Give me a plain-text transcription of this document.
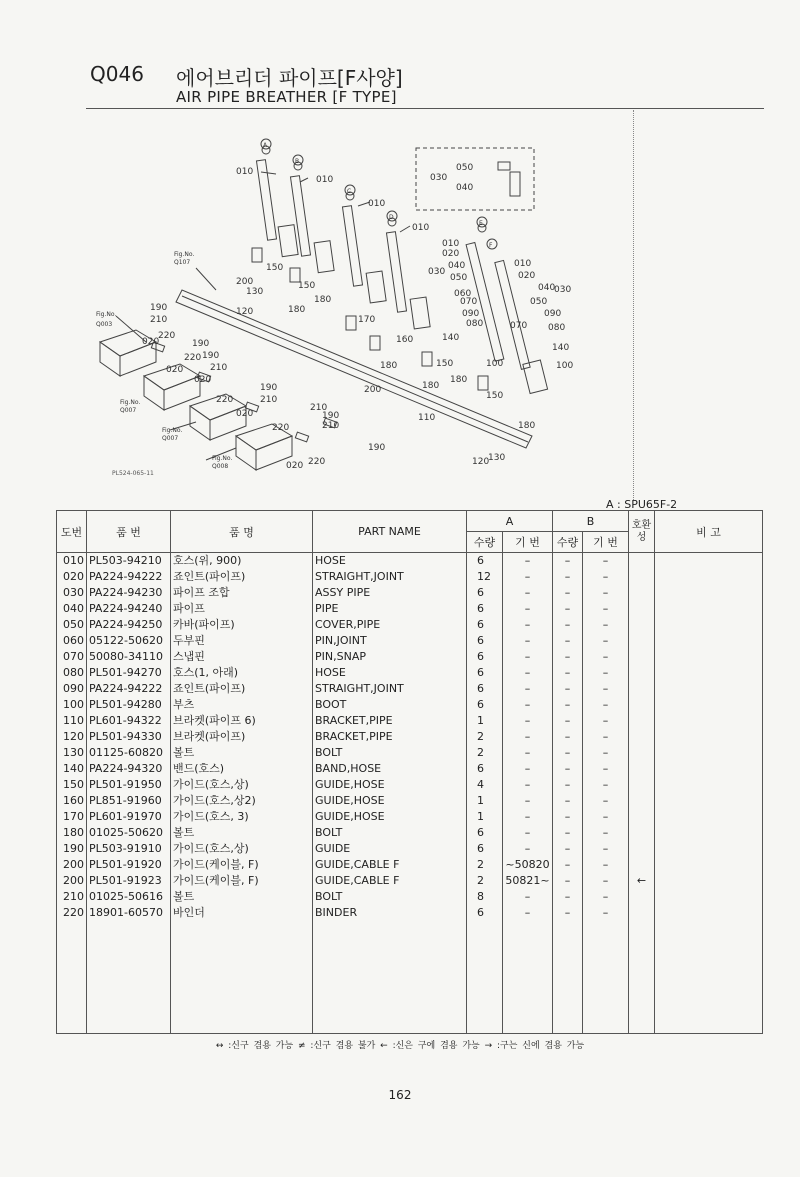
Q046 에어브리더 파이프[F사양]
AIR PIPE BREATHER [F TYPE]
A
B
C
D
E
F
010
010
010
010
050
030
040
010
020
030
040
050
060
070
090
080
140
010
020
040
030
050
090
070 080
140
100	100
150
150
180
180
170
160
180	150
180
180
150
180
110
120
130
200
130
120
190
210
220
020	190
190
210
220
020
020
220
190
210
210
200
190
210
020
220
190
020 220
Fig.No.
Q107
Fig.No.
Q003
Fig.No.
Q007
Fig.No.
Q007
Fig.No.
Q008
PL524-065-11
A : SPU65F-2
도번	품 번	품 명	PART NAME	A		B		호환성	비 고
				수량	기 번	수량	기 번		
010	PL503-94210	호스(위, 900)	HOSE	6	–	–	–		
020	PA224-94222	죠인트(파이프)	STRAIGHT,JOINT	12	–	–	–		
030	PA224-94230	파이프 조합	ASSY PIPE	6	–	–	–		
040	PA224-94240	파이프	PIPE	6	–	–	–		
050	PA224-94250	카바(파이프)	COVER,PIPE	6	–	–	–		
060	05122-50620	두부핀	PIN,JOINT	6	–	–	–		
070	50080-34110	스냅핀	PIN,SNAP	6	–	–	–		
080	PL501-94270	호스(1, 아래)	HOSE	6	–	–	–		
090	PA224-94222	죠인트(파이프)	STRAIGHT,JOINT	6	–	–	–		
100	PL501-94280	부츠	BOOT	6	–	–	–		
110	PL601-94322	브라켓(파이프 6)	BRACKET,PIPE	1	–	–	–		
120	PL501-94330	브라켓(파이프)	BRACKET,PIPE	2	–	–	–		
130	01125-60820	볼트	BOLT	2	–	–	–		
140	PA224-94320	밴드(호스)	BAND,HOSE	6	–	–	–		
150	PL501-91950	가이드(호스,상)	GUIDE,HOSE	4	–	–	–		
160	PL851-91960	가이드(호스,상2)	GUIDE,HOSE	1	–	–	–		
170	PL601-91970	가이드(호스, 3)	GUIDE,HOSE	1	–	–	–		
180	01025-50620	볼트	BOLT	6	–	–	–		
190	PL503-91910	가이드(호스,상)	GUIDE	6	–	–	–		
200	PL501-91920	가이드(케이블, F)	GUIDE,CABLE F	2	~50820	–	–		
200	PL501-91923	가이드(케이블, F)	GUIDE,CABLE F	2	50821~	–	–	←	
210	01025-50616	볼트	BOLT	8	–	–	–		
220	18901-60570	바인더	BINDER	6	–	–	–		

↔ :신구 겸용 가능 ≠ :신구 겸용 불가 ← :신은 구에 겸용 가능 → :구는 신에 겸용 가능
162
